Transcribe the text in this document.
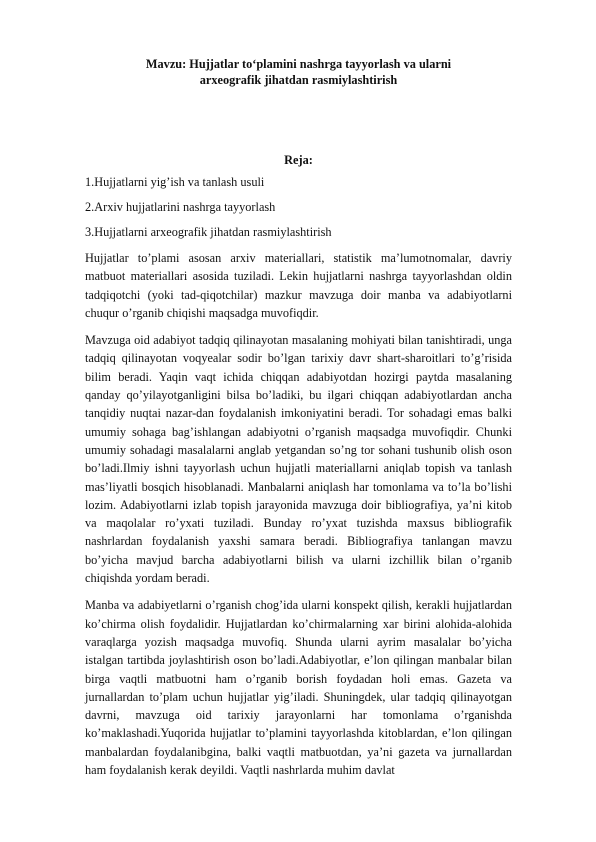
Mavzu: Hujjatlar to‘plamini nashrga tayyorlash va ularni
arxeografik jihatdan rasmiylashtirish

Reja:

1.Hujjatlarni yig’ish va tanlash usuli
2.Arxiv hujjatlarini nashrga tayyorlash
3.Hujjatlarni arxeografik jihatdan rasmiylashtirish

Hujjatlar to’plami asosan arxiv materiallari, statistik ma’lumotnomalar, davriy matbuot materiallari asosida tuziladi. Lekin hujjatlarni nashrga tayyorlashdan oldin tadqiqotchi (yoki tad-qiqotchilar) mazkur mavzuga doir manba va adabiyotlarni chuqur o’rganib chiqishi maqsadga muvofiqdir.

Mavzuga oid adabiyot tadqiq qilinayotan masalaning mohiyati bilan tanishtiradi, unga tadqiq qilinayotan voqyealar sodir bo’lgan tarixiy davr shart-sharoitlari to’g’risida bilim beradi. Yaqin vaqt ichida chiqqan adabiyotdan hozirgi paytda masalaning qanday qo’yilayotganligini bilsa bo’ladiki, bu ilgari chiqqan adabiyotlardan ancha tanqidiy nuqtai nazar-dan foydalanish imkoniyatini beradi. Tor sohadagi emas balki umumiy sohaga bag’ishlangan adabiyotni o’rganish maqsadga muvofiqdir. Chunki umumiy sohadagi masalalarni anglab yetgandan so’ng tor sohani tushunib olish oson bo’ladi.Ilmiy ishni tayyorlash uchun hujjatli materiallarni aniqlab topish va tanlash mas’liyatli bosqich hisoblanadi. Manbalarni aniqlash har tomonlama va to’la bo’lishi lozim. Adabiyotlarni izlab topish jarayonida mavzuga doir bibliografiya, ya’ni kitob va maqolalar ro’yxati tuziladi. Bunday ro’yxat tuzishda maxsus bibliografik nashrlardan foydalanish yaxshi samara beradi. Bibliografiya tanlangan mavzu bo’yicha mavjud barcha adabiyotlarni bilish va ularni izchillik bilan o’rganib chiqishda yordam beradi.

Manba va adabiyetlarni o’rganish chog’ida ularni konspekt qilish, kerakli hujjatlardan ko’chirma olish foydalidir. Hujjatlardan ko’chirmalarning xar birini alohida-alohida varaqlarga yozish maqsadga muvofiq. Shunda ularni ayrim masalalar bo’yicha istalgan tartibda joylashtirish oson bo’ladi.Adabiyotlar, e’lon qilingan manbalar bilan birga vaqtli matbuotni ham o’rganib borish foydadan holi emas. Gazeta va jurnallardan to’plam uchun hujjatlar yig’iladi. Shuningdek, ular tadqiq qilinayotgan davrni, mavzuga oid tarixiy jarayonlarni har tomonlama o’rganishda ko’maklashadi.Yuqorida hujjatlar to’plamini tayyorlashda kitoblardan, e’lon qilingan manbalardan foydalanibgina, balki vaqtli matbuotdan, ya’ni gazeta va jurnallardan ham foydalanish kerak deyildi. Vaqtli nashrlarda muhim davlat
